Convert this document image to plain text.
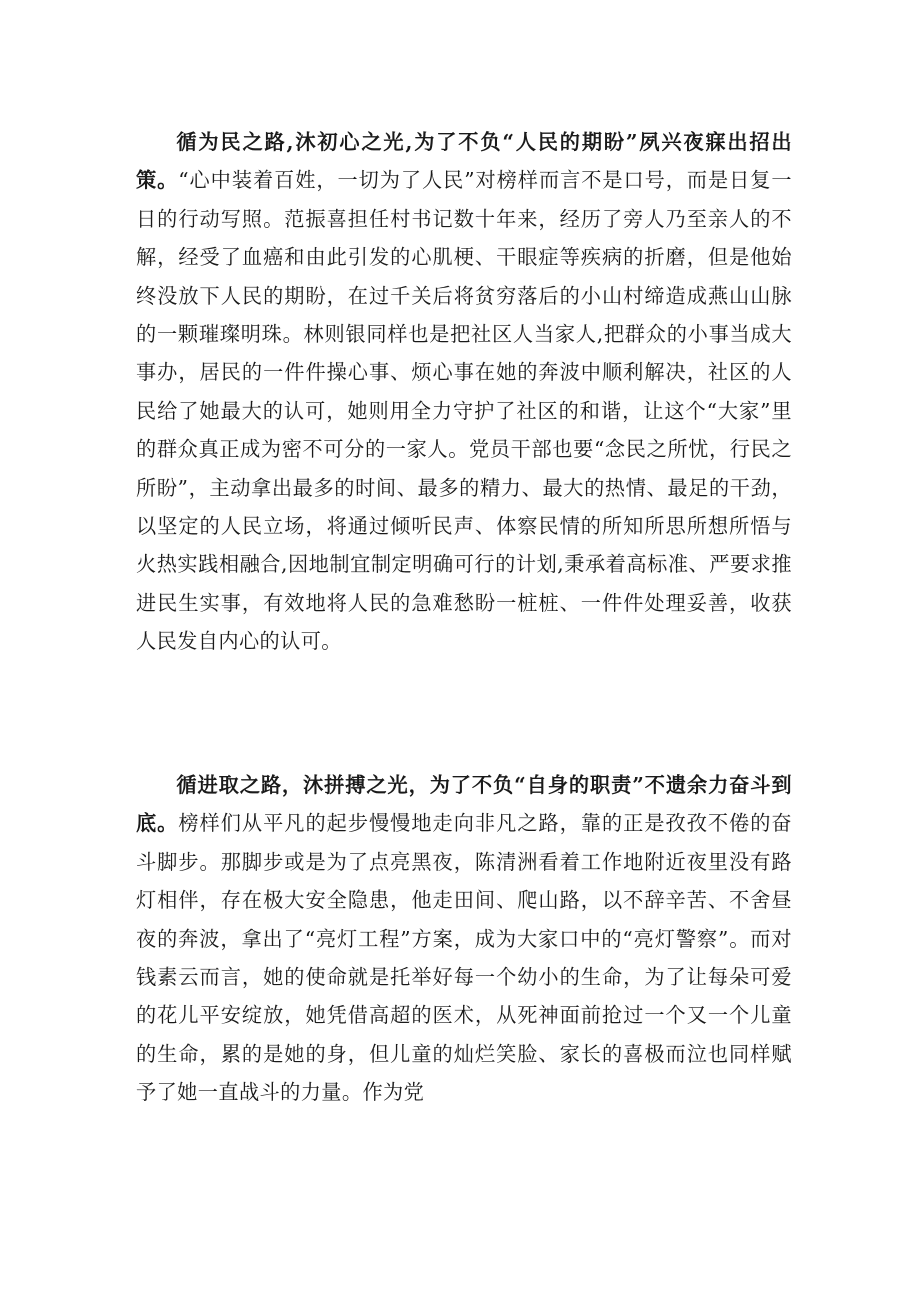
循为民之路,沐初心之光,为了不负“人民的期盼”夙兴夜寐出招出策。“心中装着百姓，一切为了人民”对榜样而言不是口号，而是日复一日的行动写照。范振喜担任村书记数十年来，经历了旁人乃至亲人的不解，经受了血癌和由此引发的心肌梗、干眼症等疾病的折磨，但是他始终没放下人民的期盼，在过千关后将贫穷落后的小山村缔造成燕山山脉的一颗璀璨明珠。林则银同样也是把社区人当家人,把群众的小事当成大事办，居民的一件件操心事、烦心事在她的奔波中顺利解决，社区的人民给了她最大的认可，她则用全力守护了社区的和谐，让这个“大家”里的群众真正成为密不可分的一家人。党员干部也要“念民之所忧，行民之所盼”，主动拿出最多的时间、最多的精力、最大的热情、最足的干劲，以坚定的人民立场，将通过倾听民声、体察民情的所知所思所想所悟与火热实践相融合,因地制宜制定明确可行的计划,秉承着高标准、严要求推进民生实事，有效地将人民的急难愁盼一桩桩、一件件处理妥善，收获人民发自内心的认可。

循进取之路，沐拼搏之光，为了不负“自身的职责”不遗余力奋斗到底。榜样们从平凡的起步慢慢地走向非凡之路，靠的正是孜孜不倦的奋斗脚步。那脚步或是为了点亮黑夜，陈清洲看着工作地附近夜里没有路灯相伴，存在极大安全隐患，他走田间、爬山路，以不辞辛苦、不舍昼夜的奔波，拿出了“亮灯工程”方案，成为大家口中的“亮灯警察”。而对钱素云而言，她的使命就是托举好每一个幼小的生命，为了让每朵可爱的花儿平安绽放，她凭借高超的医术，从死神面前抢过一个又一个儿童的生命，累的是她的身，但儿童的灿烂笑脸、家长的喜极而泣也同样赋予了她一直战斗的力量。作为党
